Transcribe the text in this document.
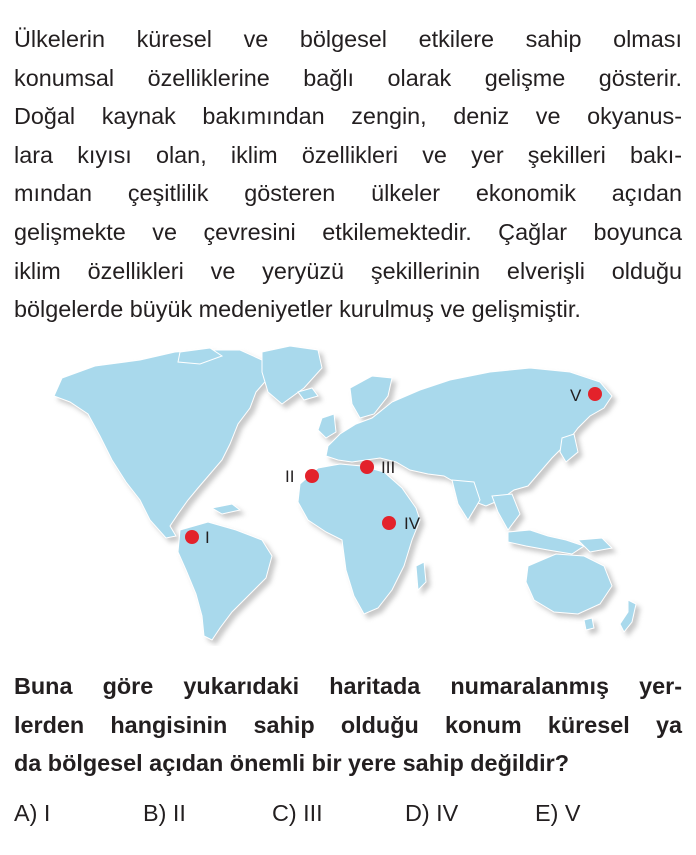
Ülkelerin küresel ve bölgesel etkilere sahip olması
konumsal özelliklerine bağlı olarak gelişme gösterir.
Doğal kaynak bakımından zengin, deniz ve okyanus-
lara kıyısı olan, iklim özellikleri ve yer şekilleri bakı-
mından çeşitlilik gösteren ülkeler ekonomik açıdan
gelişmekte ve çevresini etkilemektedir. Çağlar boyunca
iklim özellikleri ve yeryüzü şekillerinin elverişli olduğu
bölgelerde büyük medeniyetler kurulmuş ve gelişmiştir.
I
II	III
IV
V
Buna göre yukarıdaki haritada numaralanmış yer-
lerden hangisinin sahip olduğu konum küresel ya
da bölgesel açıdan önemli bir yere sahip değildir?
A) I	B) II	C) III	D) IV	E) V
